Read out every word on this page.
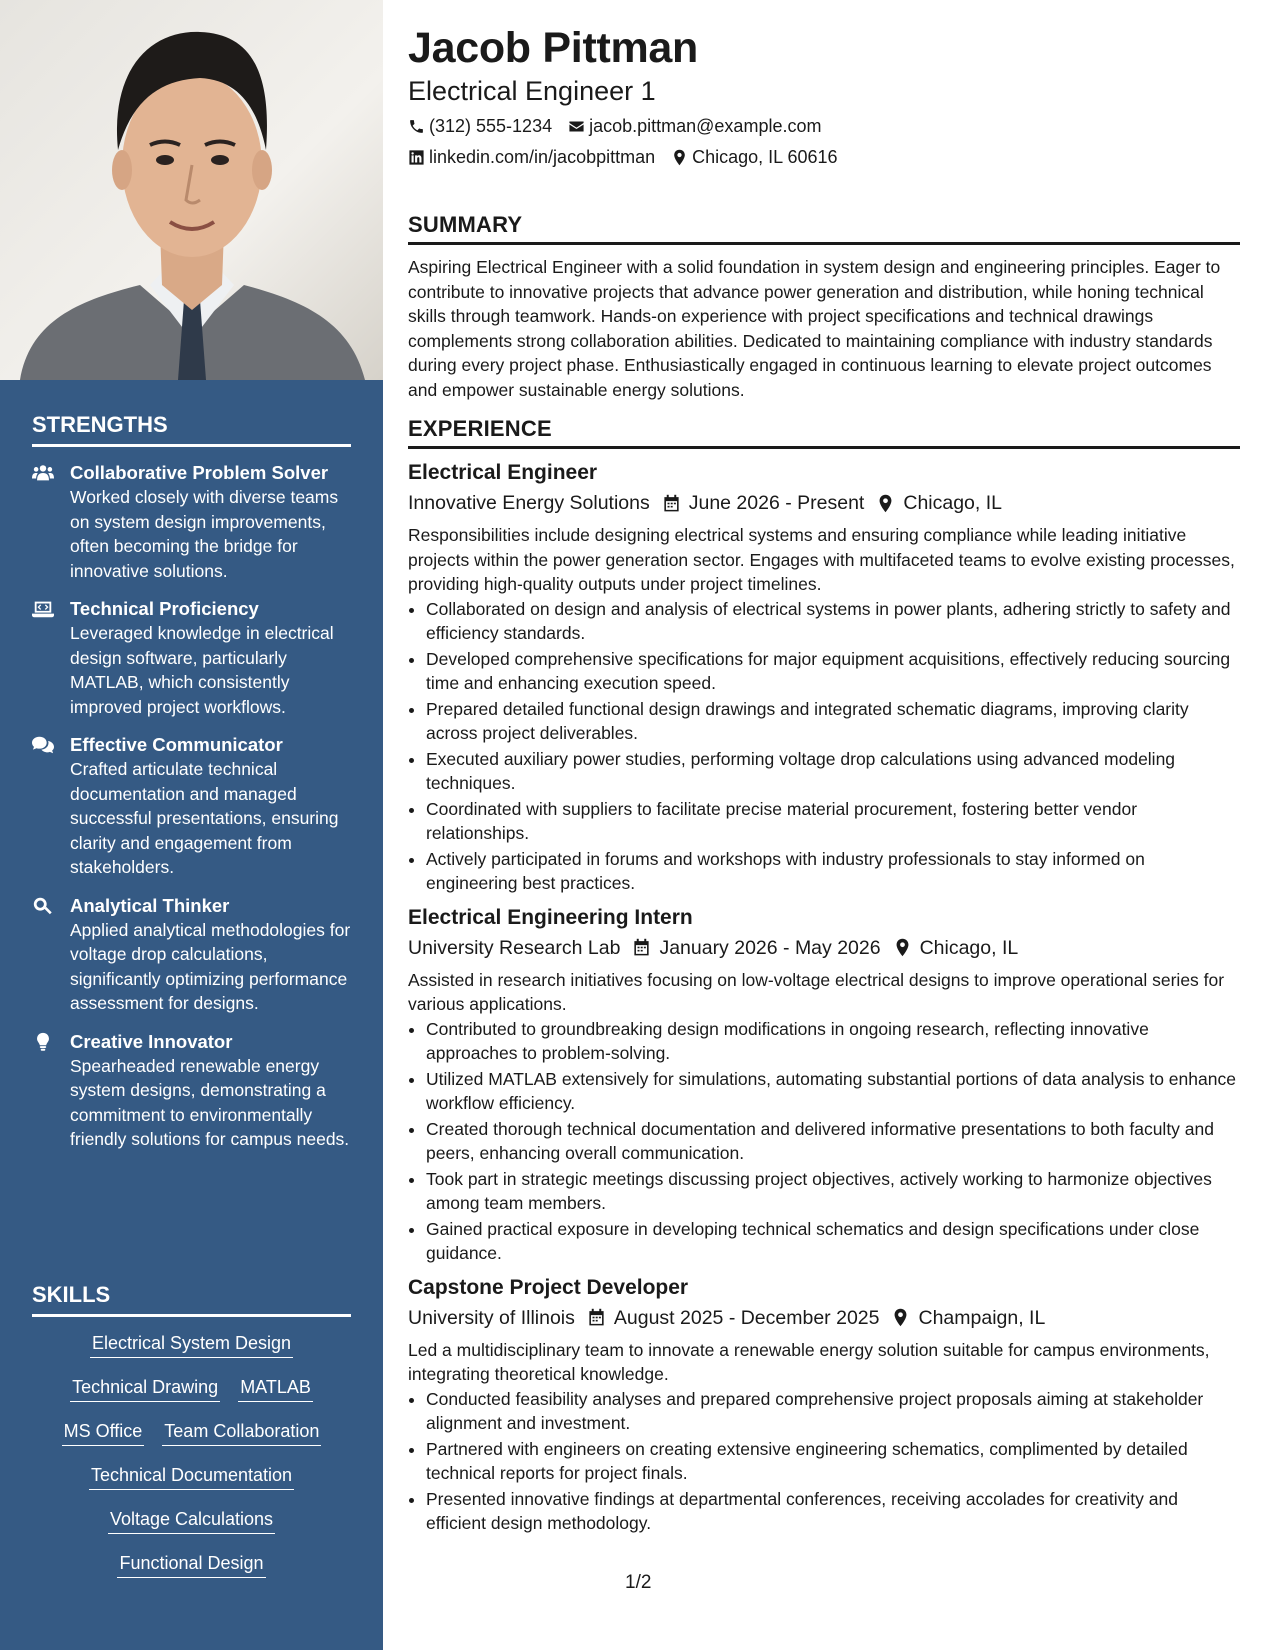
STRENGTHS
Collaborative Problem Solver
Worked closely with diverse teams on system design improvements, often becoming the bridge for innovative solutions.
Technical Proficiency
Leveraged knowledge in electrical design software, particularly MATLAB, which consistently improved project workflows.
Effective Communicator
Crafted articulate technical documentation and managed successful presentations, ensuring clarity and engagement from stakeholders.
Analytical Thinker
Applied analytical methodologies for voltage drop calculations, significantly optimizing performance assessment for designs.
Creative Innovator
Spearheaded renewable energy system designs, demonstrating a commitment to environmentally friendly solutions for campus needs.
SKILLS
Electrical System Design
Technical Drawing MATLAB
MS Office Team Collaboration
Technical Documentation
Voltage Calculations
Functional Design
Jacob Pittman
Electrical Engineer 1
(312) 555-1234 jacob.pittman@example.com
linkedin.com/in/jacobpittman Chicago, IL 60616
SUMMARY
Aspiring Electrical Engineer with a solid foundation in system design and engineering principles. Eager to contribute to innovative projects that advance power generation and distribution, while honing technical skills through teamwork. Hands-on experience with project specifications and technical drawings complements strong collaboration abilities. Dedicated to maintaining compliance with industry standards during every project phase. Enthusiastically engaged in continuous learning to elevate project outcomes and empower sustainable energy solutions.
EXPERIENCE
Electrical Engineer
Innovative Energy Solutions June 2026 - Present Chicago, IL
Responsibilities include designing electrical systems and ensuring compliance while leading initiative projects within the power generation sector. Engages with multifaceted teams to evolve existing processes, providing high-quality outputs under project timelines.
• Collaborated on design and analysis of electrical systems in power plants, adhering strictly to safety and efficiency standards.
• Developed comprehensive specifications for major equipment acquisitions, effectively reducing sourcing time and enhancing execution speed.
• Prepared detailed functional design drawings and integrated schematic diagrams, improving clarity across project deliverables.
• Executed auxiliary power studies, performing voltage drop calculations using advanced modeling techniques.
• Coordinated with suppliers to facilitate precise material procurement, fostering better vendor relationships.
• Actively participated in forums and workshops with industry professionals to stay informed on engineering best practices.
Electrical Engineering Intern
University Research Lab January 2026 - May 2026 Chicago, IL
Assisted in research initiatives focusing on low-voltage electrical designs to improve operational series for various applications.
• Contributed to groundbreaking design modifications in ongoing research, reflecting innovative approaches to problem-solving.
• Utilized MATLAB extensively for simulations, automating substantial portions of data analysis to enhance workflow efficiency.
• Created thorough technical documentation and delivered informative presentations to both faculty and peers, enhancing overall communication.
• Took part in strategic meetings discussing project objectives, actively working to harmonize objectives among team members.
• Gained practical exposure in developing technical schematics and design specifications under close guidance.
Capstone Project Developer
University of Illinois August 2025 - December 2025 Champaign, IL
Led a multidisciplinary team to innovate a renewable energy solution suitable for campus environments, integrating theoretical knowledge.
• Conducted feasibility analyses and prepared comprehensive project proposals aiming at stakeholder alignment and investment.
• Partnered with engineers on creating extensive engineering schematics, complimented by detailed technical reports for project finals.
• Presented innovative findings at departmental conferences, receiving accolades for creativity and efficient design methodology.
1/2
